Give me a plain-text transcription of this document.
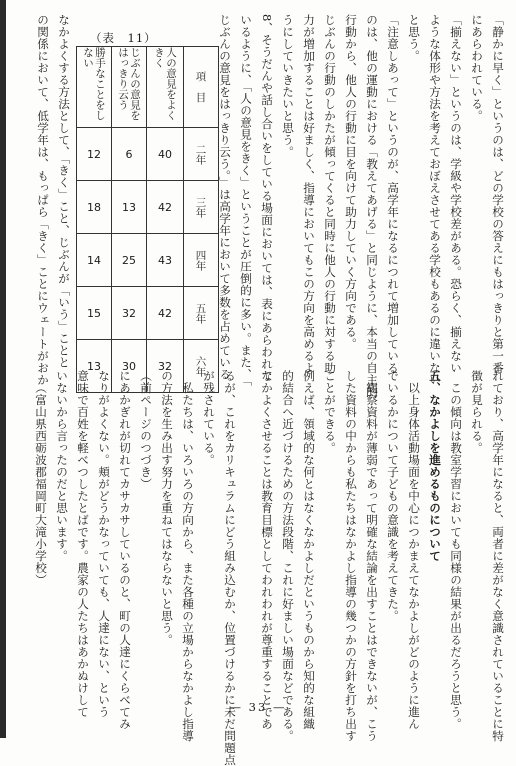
「静かに早く」というのは、どの学校の答えにもはっきりと第一番
にあらわれている。
「揃えない」というのは、学級や学校差がある。恐らく、揃えない
ような体形や方法を考えておぼえさせてある学校もあるのに違いない
と思う。
「注意しあって」というのが、高学年になるにつれて増加している
のは、他の運動における「教えてあげる」と同じように、本当の自主的
行動から、他人の行動に目を向けて助力していく方向である。
じぶんの行動のしかたが傾ってくると同時に他人の行動に対する助
力が増加することは好ましく、指導においてもこの方向を高めるよ
うにしていきたいと思う。
8、そうだんや話し合いをしている場面においては、表にあらわれて
いるように、「人の意見をきく」ということが圧倒的に多い。また、「
じぶんの意見をはっきり云う。」は高学年において多数を占めている
れており、高学年になると、両者に差がなく意識されていることに特
徴が見られる。
この傾向は教室学習においても同様の結果が出るだろうと思う。
五、なかよしを進めるものについて
以上身体活動場面を中心につかまえてなかよしがどのように進ん
でいるかについて子どもの意識を考えてきた。
観察資料が薄弱であって明確な結論を出すことはできないが、こう
した資料の中からも私たちはなかよし指導の幾つかの方針を打ち出す
ことができる。
例えば、領域的な何とはなくなかよしだというものから知的な組織
的結合へ近づけるための方法段階、これに好ましい場面などである。
なかよくさせることは教育目標としてわれわれが尊重することであ
るが、これをカリキュラムにどう組み込むか、位置づけるかに未だ問題点
が残されている。
私たちは、いろいろの方向から、また各種の立場からなかよし指導
の方法を生み出す努力を重ねてはならないと思う。
（前ページのつづき）
にあかぎれが切れてカサカサしているのと、町の人達にくらべてみ
なりがよくない。頬がどうかなっていても、人達にない、という
意味で百姓を軽べつしたとばです。農家の人たちはあかぬけして
いないから言ったのだと思います。
（富山県西砺波郡福岡町大滝小学校）
なかよくする方法として、「きく」こと、じぶんが「いう」ことと
の関係において、低学年は、もっぱら「きく」ことにウェートがおか	（表　11）
勝手なことをしない	じぶんの意見をはっきり云う	人の意見をよくきく	項　目
12	6	40	二年
18	13	42	三年
14	25	43	四年
15	32	42	五年
13	30	32	六年
— 33 —
